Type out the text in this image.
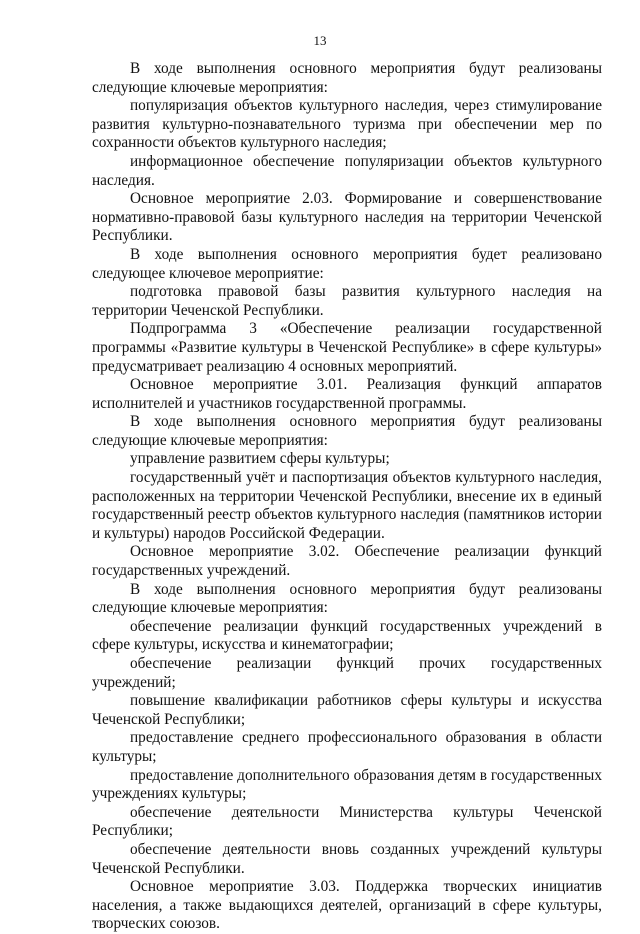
13

В ходе выполнения основного мероприятия будут реализованы следующие ключевые мероприятия:

популяризация объектов культурного наследия, через стимулирование развития культурно-познавательного туризма при обеспечении мер по сохранности объектов культурного наследия;

информационное обеспечение популяризации объектов культурного наследия.

Основное мероприятие 2.03. Формирование и совершенствование нормативно-правовой базы культурного наследия на территории Чеченской Республики.

В ходе выполнения основного мероприятия будет реализовано следующее ключевое мероприятие:

подготовка правовой базы развития культурного наследия на территории Чеченской Республики.

Подпрограмма 3 «Обеспечение реализации государственной программы «Развитие культуры в Чеченской Республике» в сфере культуры» предусматривает реализацию 4 основных мероприятий.

Основное мероприятие 3.01. Реализация функций аппаратов исполнителей и участников государственной программы.

В ходе выполнения основного мероприятия будут реализованы следующие ключевые мероприятия:

управление развитием сферы культуры;

государственный учёт и паспортизация объектов культурного наследия, расположенных на территории Чеченской Республики, внесение их в единый государственный реестр объектов культурного наследия (памятников истории и культуры) народов Российской Федерации.

Основное мероприятие 3.02. Обеспечение реализации функций государственных учреждений.

В ходе выполнения основного мероприятия будут реализованы следующие ключевые мероприятия:

обеспечение реализации функций государственных учреждений в сфере культуры, искусства и кинематографии;

обеспечение реализации функций прочих государственных учреждений;

повышение квалификации работников сферы культуры и искусства Чеченской Республики;

предоставление среднего профессионального образования в области культуры;

предоставление дополнительного образования детям в государственных учреждениях культуры;

обеспечение деятельности Министерства культуры Чеченской Республики;

обеспечение деятельности вновь созданных учреждений культуры Чеченской Республики.

Основное мероприятие 3.03. Поддержка творческих инициатив населения, а также выдающихся деятелей, организаций в сфере культуры, творческих союзов.
